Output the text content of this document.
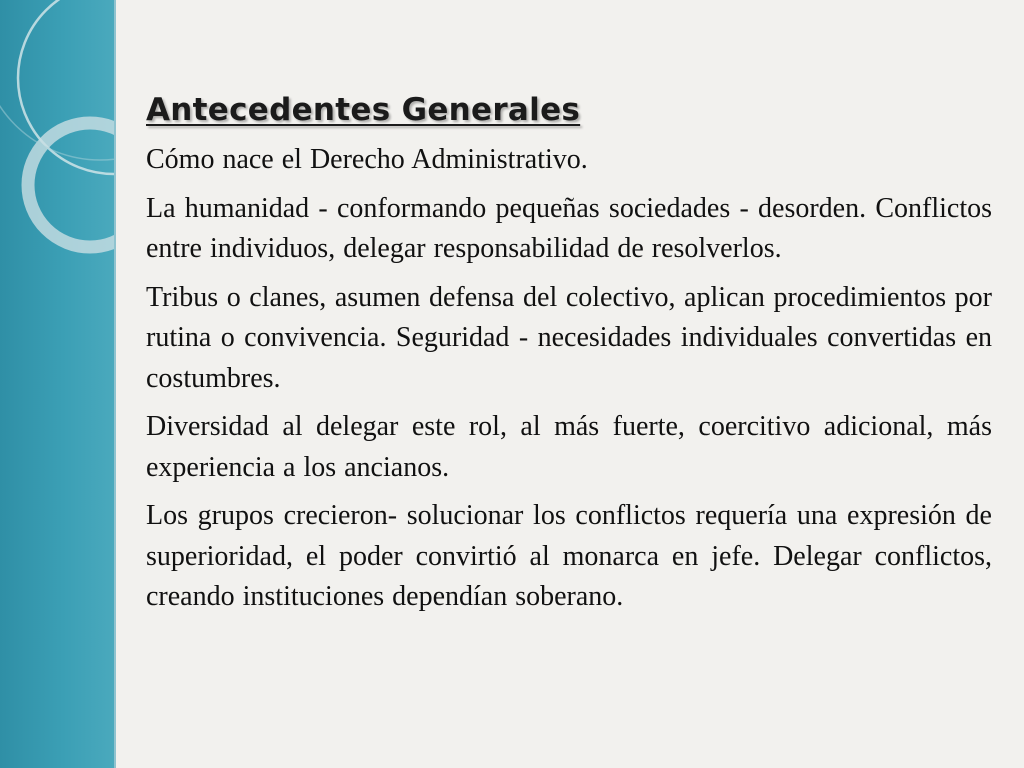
Antecedentes Generales

Cómo nace el Derecho Administrativo.

La humanidad - conformando pequeñas sociedades - desorden. Conflictos entre individuos, delegar responsabilidad de resolverlos.

Tribus o clanes, asumen defensa del colectivo, aplican procedimientos por rutina o convivencia. Seguridad - necesidades individuales convertidas en costumbres.

Diversidad al delegar este rol, al más fuerte, coercitivo adicional, más experiencia a los ancianos.

Los grupos crecieron- solucionar los conflictos requería una expresión de superioridad, el poder convirtió al monarca en jefe. Delegar conflictos, creando instituciones dependían soberano.
